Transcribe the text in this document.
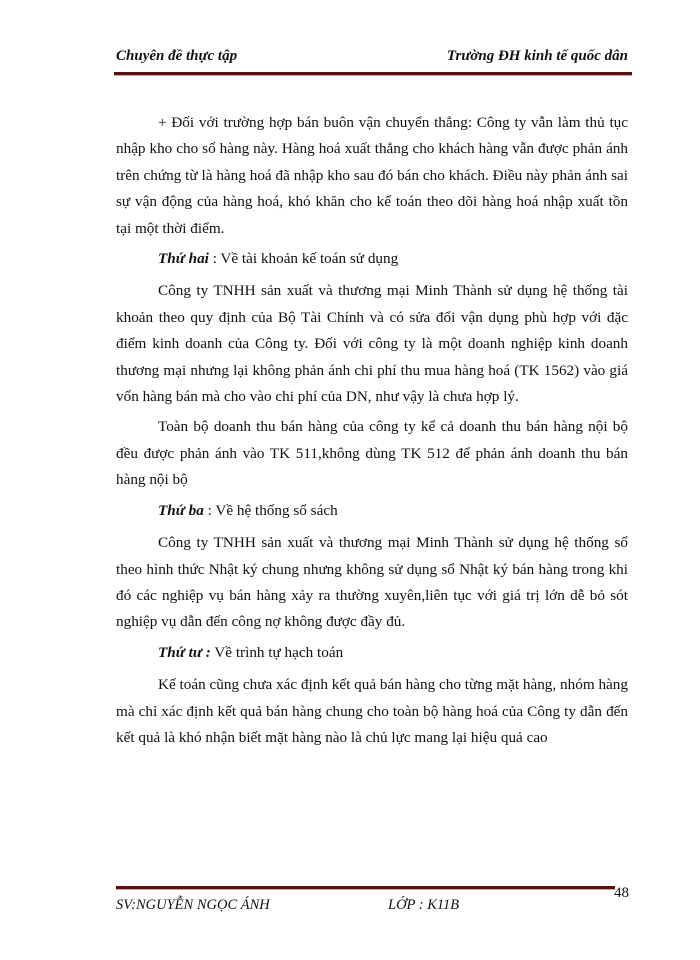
Chuyên đề thực tập	Trường ĐH kinh tế quốc dân

+ Đối với trường hợp bán buôn vận chuyển thẳng: Công ty vẫn làm thủ tục nhập kho cho số hàng này. Hàng hoá xuất thẳng cho khách hàng vẫn được phản ánh trên chứng từ là hàng hoá đã nhập kho sau đó bán cho khách. Điều này phản ánh sai sự vận động của hàng hoá, khó khăn cho kế toán theo dõi hàng hoá nhập xuất tồn tại một thời điểm.

Thứ hai : Về tài khoản kế toán sử dụng

Công ty TNHH sản xuất và thương mại Minh Thành sử dụng hệ thống tài khoản theo quy định của Bộ Tài Chính và có sửa đổi vận dụng phù hợp với đặc điểm kinh doanh của Công ty. Đối với công ty là một doanh nghiệp kinh doanh thương mại nhưng lại không phản ánh chi phí thu mua hàng hoá (TK 1562) vào giá vốn hàng bán mà cho vào chi phí của DN, như vậy là chưa hợp lý.

Toàn bộ doanh thu bán hàng của công ty kể cả doanh thu bán hàng nội bộ đều được phản ánh vào TK 511,không dùng TK 512 để phản ánh doanh thu bán hàng nội bộ

Thứ ba : Về hệ thống sổ sách

Công ty TNHH sản xuất và thương mại Minh Thành sử dụng hệ thống sổ theo hình thức Nhật ký chung nhưng không sử dụng sổ Nhật ký bán hàng trong khi đó các nghiệp vụ bán hàng xảy ra thường xuyên,liên tục với giá trị lớn dễ bỏ sót nghiệp vụ dẫn đến công nợ không được đầy đủ.

Thứ tư : Về trình tự hạch toán

Kế toán cũng chưa xác định kết quả bán hàng cho từng mặt hàng, nhóm hàng mà chỉ xác định kết quả bán hàng chung cho toàn bộ hàng hoá của Công ty dẫn đến kết quả là khó nhận biết mặt hàng nào là chủ lực mang lại hiệu quả cao

SV:NGUYỄN NGỌC ÁNH	LỚP : K11B
48
